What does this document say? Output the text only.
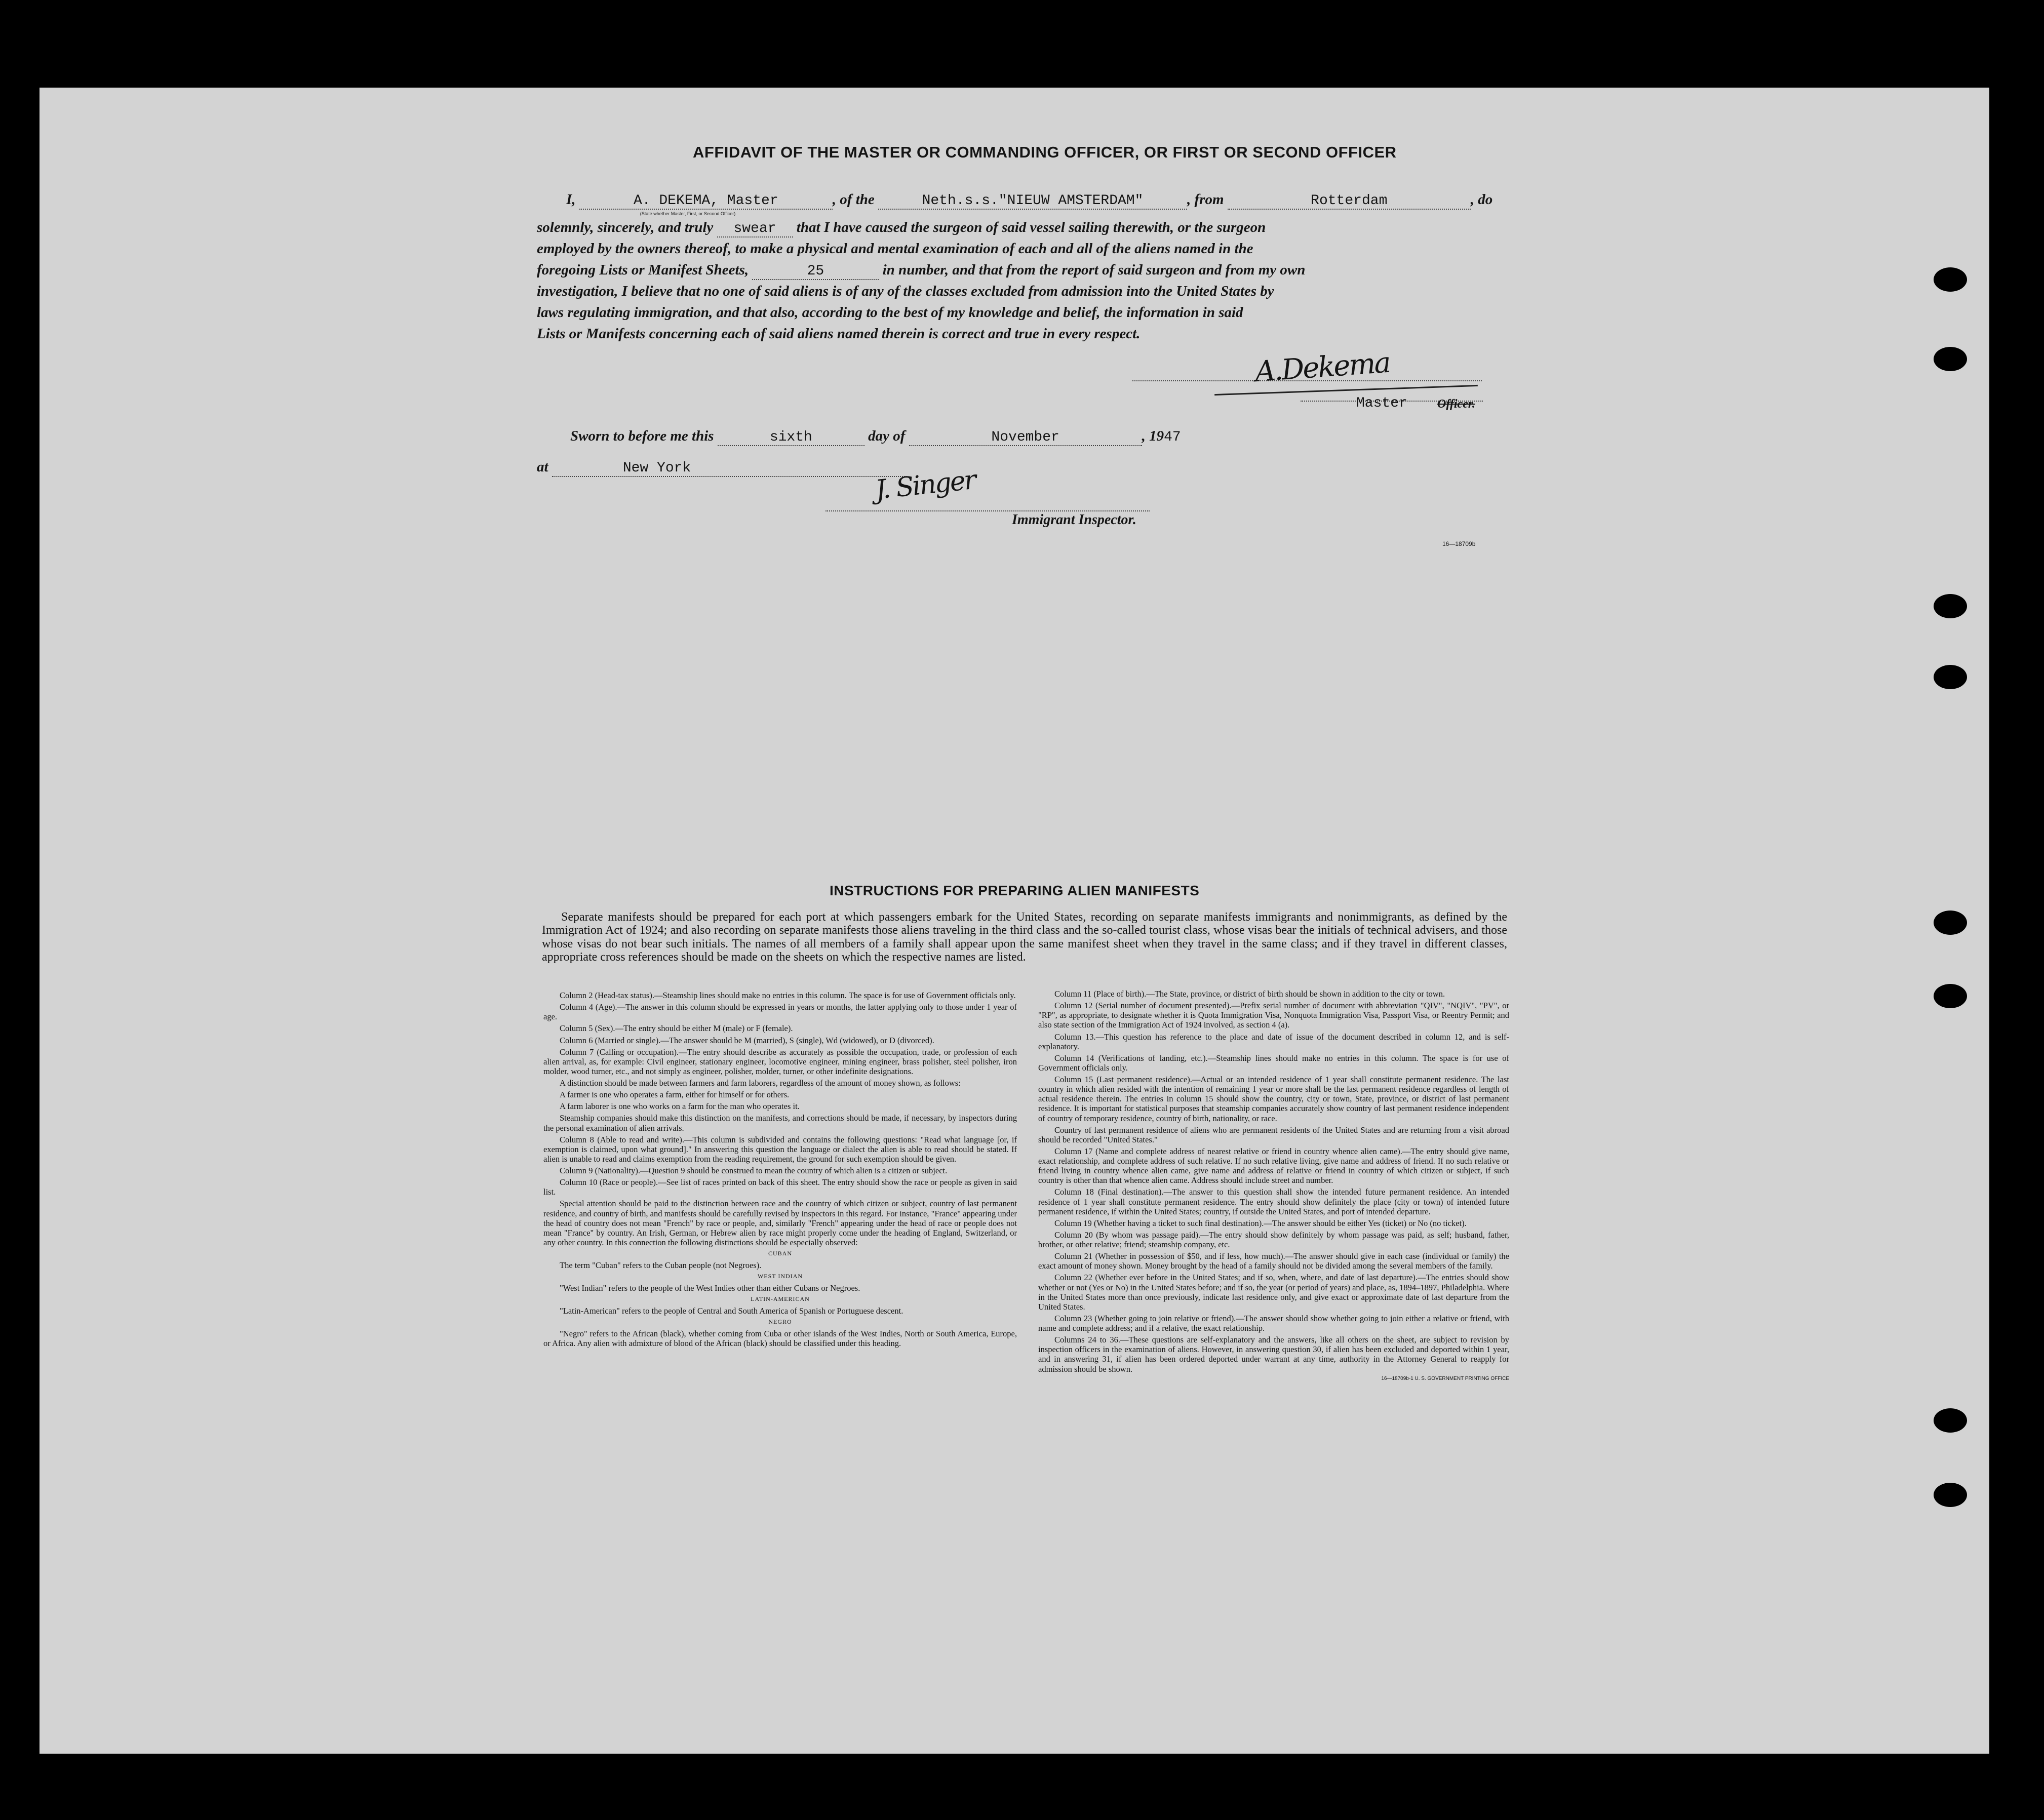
AFFIDAVIT OF THE MASTER OR COMMANDING OFFICER, OR FIRST OR SECOND OFFICER
I,	A. DEKEMA, Master
(State whether Master, First, or Second Officer)
, of the	Neth.s.s."NIEUW AMSTERDAM"	, from	Rotterdam	, do
solemnly, sincerely, and truly swear that I have caused the surgeon of said vessel sailing therewith, or the surgeon
employed by the owners thereof, to make a physical and mental examination of each and all of the aliens named in the
foregoing Lists or Manifest Sheets,	25	in number, and that from the report of said surgeon and from my own
investigation, I believe that no one of said aliens is of any of the classes excluded from admission into the United States by
laws regulating immigration, and that also, according to the best of my knowledge and belief, the information in said
Lists or Manifests concerning each of said aliens named therein is correct and true in every respect.
A.Dekema
Master Officer.
Sworn to before me this	sixth	day of	November	, 1947
at	New York	J. Singer
Immigrant Inspector.
16—18709b
INSTRUCTIONS FOR PREPARING ALIEN MANIFESTS
Separate manifests should be prepared for each port at which passengers embark for the United States, recording on separate manifests immigrants and nonimmigrants, as defined by the Immigration Act of 1924; and also recording on separate manifests those aliens traveling in the third class and the so-called tourist class, whose visas bear the initials of technical advisers, and those whose visas do not bear such initials. The names of all members of a family shall appear upon the same manifest sheet when they travel in the same class; and if they travel in different classes, appropriate cross references should be made on the sheets on which the respective names are listed.

Column 2 (Head-tax status).—Steamship lines should make no entries in this column. The space is for use of Government officials only.

Column 4 (Age).—The answer in this column should be expressed in years or months, the latter applying only to those under 1 year of age.

Column 5 (Sex).—The entry should be either M (male) or F (female).

Column 6 (Married or single).—The answer should be M (married), S (single), Wd (widowed), or D (divorced).

Column 7 (Calling or occupation).—The entry should describe as accurately as possible the occupation, trade, or profession of each alien arrival, as, for example: Civil engineer, stationary engineer, locomotive engineer, mining engineer, brass polisher, steel polisher, iron molder, wood turner, etc., and not simply as engineer, polisher, molder, turner, or other indefinite designations.

A distinction should be made between farmers and farm laborers, regardless of the amount of money shown, as follows:

A farmer is one who operates a farm, either for himself or for others.

A farm laborer is one who works on a farm for the man who operates it.

Steamship companies should make this distinction on the manifests, and corrections should be made, if necessary, by inspectors during the personal examination of alien arrivals.

Column 8 (Able to read and write).—This column is subdivided and contains the following questions: "Read what language [or, if exemption is claimed, upon what ground]." In answering this question the language or dialect the alien is able to read should be stated. If alien is unable to read and claims exemption from the reading requirement, the ground for such exemption should be given.

Column 9 (Nationality).—Question 9 should be construed to mean the country of which alien is a citizen or subject.

Column 10 (Race or people).—See list of races printed on back of this sheet. The entry should show the race or people as given in said list.

Special attention should be paid to the distinction between race and the country of which citizen or subject, country of last permanent residence, and country of birth, and manifests should be carefully revised by inspectors in this regard. For instance, "France" appearing under the head of country does not mean "French" by race or people, and, similarly "French" appearing under the head of race or people does not mean "France" by country. An Irish, German, or Hebrew alien by race might properly come under the heading of England, Switzerland, or any other country. In this connection the following distinctions should be especially observed:

CUBAN

The term "Cuban" refers to the Cuban people (not Negroes).

WEST INDIAN

"West Indian" refers to the people of the West Indies other than either Cubans or Negroes.

LATIN-AMERICAN

"Latin-American" refers to the people of Central and South America of Spanish or Portuguese descent.

NEGRO

"Negro" refers to the African (black), whether coming from Cuba or other islands of the West Indies, North or South America, Europe, or Africa. Any alien with admixture of blood of the African (black) should be classified under this heading.

Column 11 (Place of birth).—The State, province, or district of birth should be shown in addition to the city or town.

Column 12 (Serial number of document presented).—Prefix serial number of document with abbreviation "QIV", "NQIV", "PV", or "RP", as appropriate, to designate whether it is Quota Immigration Visa, Nonquota Immigration Visa, Passport Visa, or Reentry Permit; and also state section of the Immigration Act of 1924 involved, as section 4 (a).

Column 13.—This question has reference to the place and date of issue of the document described in column 12, and is self-explanatory.

Column 14 (Verifications of landing, etc.).—Steamship lines should make no entries in this column. The space is for use of Government officials only.

Column 15 (Last permanent residence).—Actual or an intended residence of 1 year shall constitute permanent residence. The last country in which alien resided with the intention of remaining 1 year or more shall be the last permanent residence regardless of length of actual residence therein. The entries in column 15 should show the country, city or town, State, province, or district of last permanent residence. It is important for statistical purposes that steamship companies accurately show country of last permanent residence independent of country of temporary residence, country of birth, nationality, or race.

Country of last permanent residence of aliens who are permanent residents of the United States and are returning from a visit abroad should be recorded "United States."

Column 17 (Name and complete address of nearest relative or friend in country whence alien came).—The entry should give name, exact relationship, and complete address of such relative. If no such relative living, give name and address of friend. If no such relative or friend living in country whence alien came, give name and address of relative or friend in country of which citizen or subject, if such country is other than that whence alien came. Address should include street and number.

Column 18 (Final destination).—The answer to this question shall show the intended future permanent residence. An intended residence of 1 year shall constitute permanent residence. The entry should show definitely the place (city or town) of intended future permanent residence, if within the United States; country, if outside the United States, and port of intended departure.

Column 19 (Whether having a ticket to such final destination).—The answer should be either Yes (ticket) or No (no ticket).

Column 20 (By whom was passage paid).—The entry should show definitely by whom passage was paid, as self; husband, father, brother, or other relative; friend; steamship company, etc.

Column 21 (Whether in possession of $50, and if less, how much).—The answer should give in each case (individual or family) the exact amount of money shown. Money brought by the head of a family should not be divided among the several members of the family.

Column 22 (Whether ever before in the United States; and if so, when, where, and date of last departure).—The entries should show whether or not (Yes or No) in the United States before; and if so, the year (or period of years) and place, as, 1894–1897, Philadelphia. Where in the United States more than once previously, indicate last residence only, and give exact or approximate date of last departure from the United States.

Column 23 (Whether going to join relative or friend).—The answer should show whether going to join either a relative or friend, with name and complete address; and if a relative, the exact relationship.

Columns 24 to 36.—These questions are self-explanatory and the answers, like all others on the sheet, are subject to revision by inspection officers in the examination of aliens. However, in answering question 30, if alien has been excluded and deported within 1 year, and in answering 31, if alien has been ordered deported under warrant at any time, authority in the Attorney General to reapply for admission should be shown.

16—18709b-1 U. S. GOVERNMENT PRINTING OFFICE
